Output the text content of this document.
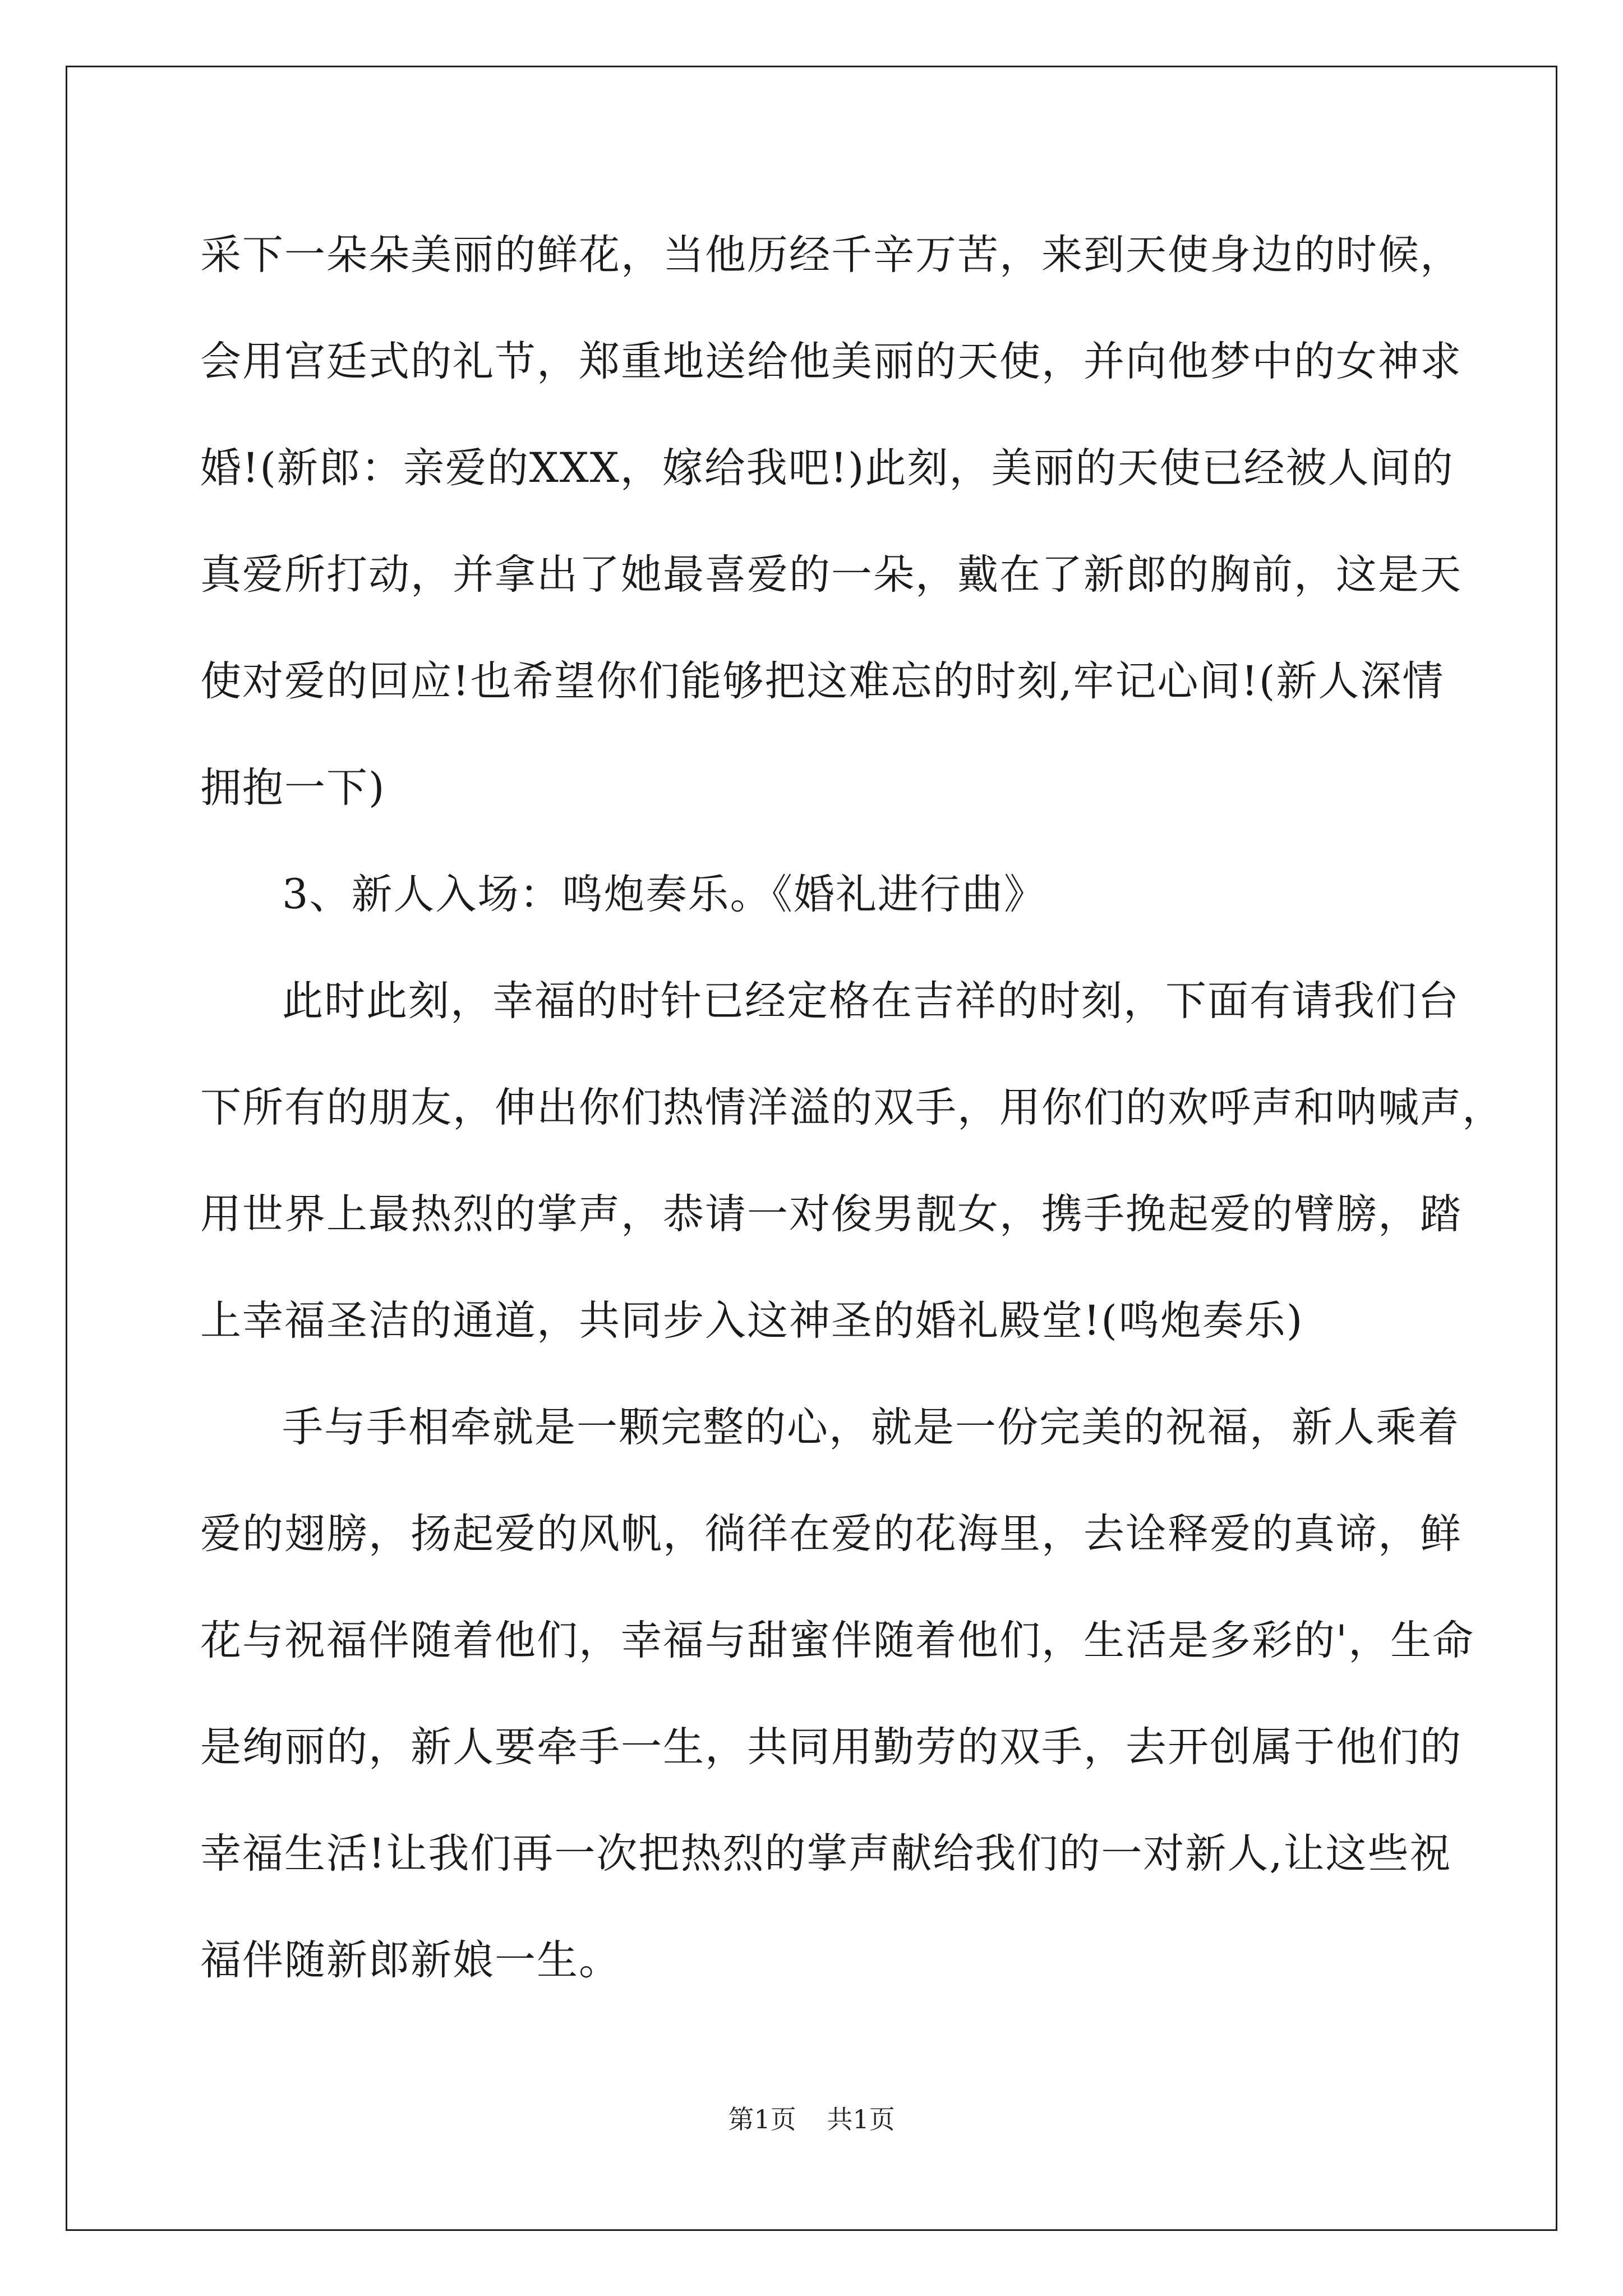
采下一朵朵美丽的鲜花，当他历经千辛万苦，来到天使身边的时候，
会用宫廷式的礼节，郑重地送给他美丽的天使，并向他梦中的女神求
婚!(新郎：亲爱的XXX，嫁给我吧!)此刻，美丽的天使已经被人间的
真爱所打动，并拿出了她最喜爱的一朵，戴在了新郎的胸前，这是天
使对爱的回应!也希望你们能够把这难忘的时刻,牢记心间!(新人深情
拥抱一下)

3、新人入场：鸣炮奏乐。《婚礼进行曲》

此时此刻，幸福的时针已经定格在吉祥的时刻，下面有请我们台
下所有的朋友，伸出你们热情洋溢的双手，用你们的欢呼声和呐喊声，
用世界上最热烈的掌声，恭请一对俊男靓女，携手挽起爱的臂膀，踏
上幸福圣洁的通道，共同步入这神圣的婚礼殿堂!(鸣炮奏乐)

手与手相牵就是一颗完整的心，就是一份完美的祝福，新人乘着
爱的翅膀，扬起爱的风帆，徜徉在爱的花海里，去诠释爱的真谛，鲜
花与祝福伴随着他们，幸福与甜蜜伴随着他们，生活是多彩的'，生命
是绚丽的，新人要牵手一生，共同用勤劳的双手，去开创属于他们的
幸福生活!让我们再一次把热烈的掌声献给我们的一对新人,让这些祝
福伴随新郎新娘一生。

第1页 共1页
